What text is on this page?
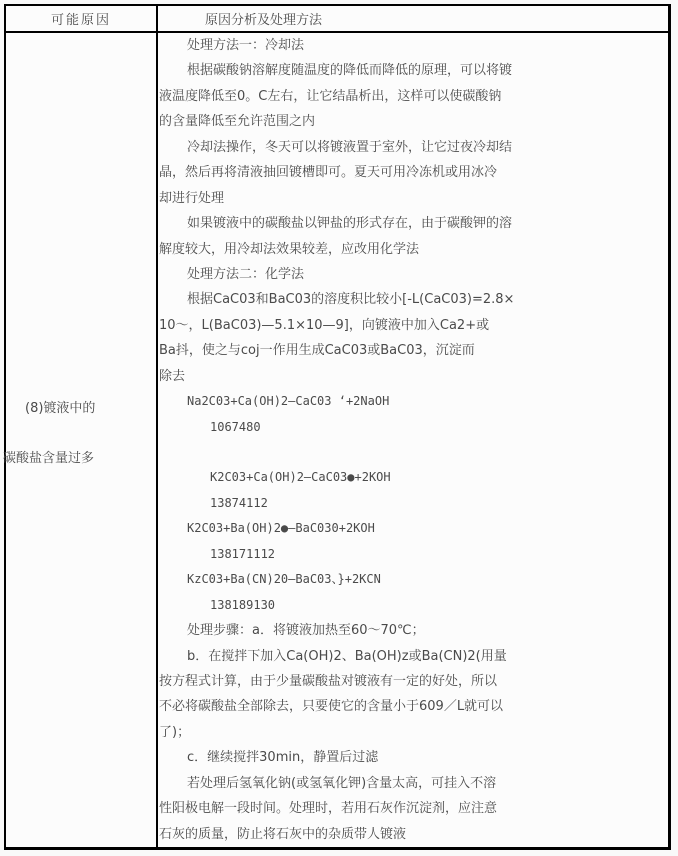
可能原因	原因分析及处理方法
(8)镀液中的
碳酸盐含量过多
处理方法一：冷却法
根据碳酸钠溶解度随温度的降低而降低的原理，可以将镀
液温度降低至0。C左右，让它结晶析出，这样可以使碳酸钠
的含量降低至允许范围之内
冷却法操作，冬天可以将镀液置于室外，让它过夜冷却结
晶，然后再将清液抽回镀槽即可。夏天可用冷冻机或用冰冷
却进行处理
如果镀液中的碳酸盐以钾盐的形式存在，由于碳酸钾的溶
解度较大，用冷却法效果较差，应改用化学法
处理方法二：化学法
根据CaC03和BaC03的溶度积比较小[-L(CaC03)=2.8×
10～，L(BaC03)—5.1×10—9]，向镀液中加入Ca2+或
Ba抖，使之与coj一作用生成CaC03或BaC03，沉淀而
除去
Na2C03+Ca(OH)2—CaC03 ‘+2NaOH
1067480

K2C03+Ca(OH)2—CaC03●+2KOH
13874112
K2C03+Ba(OH)2●—BaC030+2KOH
138171112
KzC03+Ba(CN)20—BaC03、}+2KCN
138189130
处理步骤：a．将镀液加热至60～70℃；
b．在搅拌下加入Ca(OH)2、Ba(OH)z或Ba(CN)2(用量
按方程式计算，由于少量碳酸盐对镀液有一定的好处，所以
不必将碳酸盐全部除去，只要使它的含量小于609／L就可以
了)；
c．继续搅拌30min，静置后过滤
若处理后氢氧化钠(或氢氧化钾)含量太高，可挂入不溶
性阳极电解一段时间。处理时，若用石灰作沉淀剂，应注意
石灰的质量，防止将石灰中的杂质带人镀液
